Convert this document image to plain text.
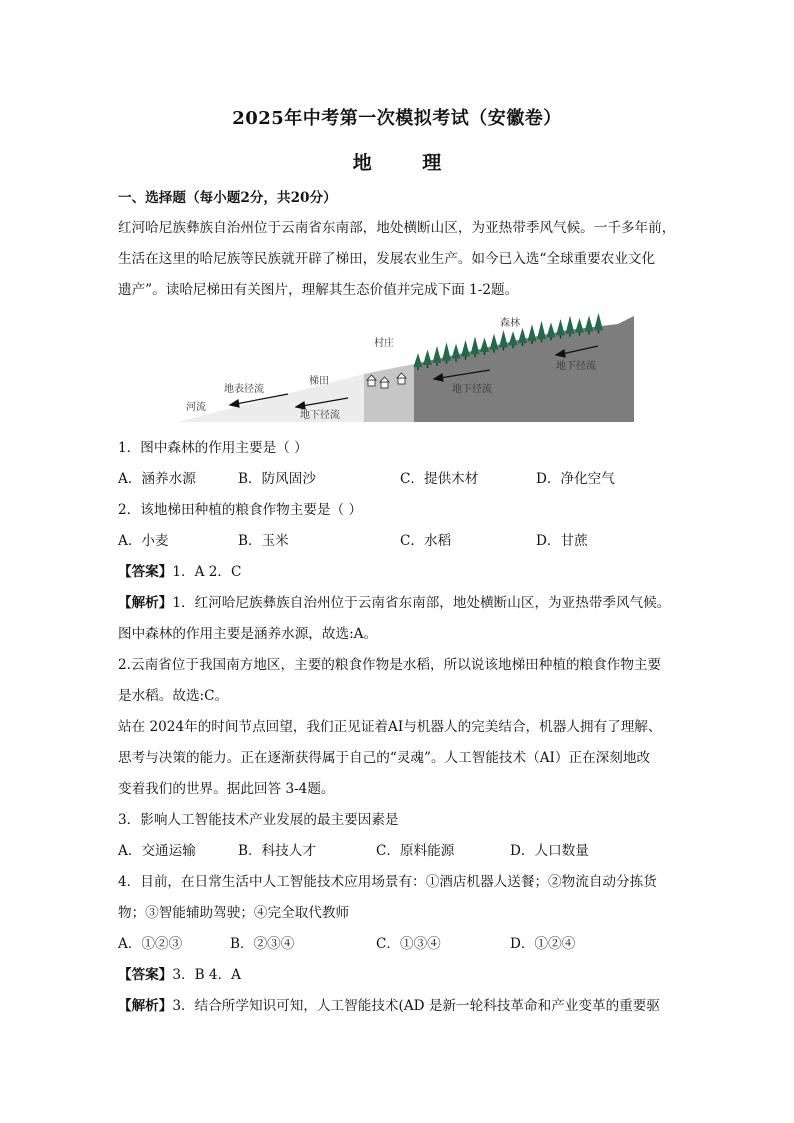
2025年中考第一次模拟考试（安徽卷）
地 理
一、选择题（每小题2分，共20分）
红河哈尼族彝族自治州位于云南省东南部，地处横断山区，为亚热带季风气候。一千多年前，
生活在这里的哈尼族等民族就开辟了梯田，发展农业生产。如今已入选“全球重要农业文化
遗产”。读哈尼梯田有关图片，理解其生态价值并完成下面 1-2题。
森林
村庄
梯田
地表径流
河流
地下径流
地下径流
地下径流
1．图中森林的作用主要是（ ）
A．涵养水源	B．防风固沙	C．提供木材	D．净化空气
2．该地梯田种植的粮食作物主要是（ ）
A．小麦	B．玉米	C．水稻	D．甘蔗
【答案】1．A 2．C
【解析】1．红河哈尼族彝族自治州位于云南省东南部，地处横断山区，为亚热带季风气候。
图中森林的作用主要是涵养水源，故选:A。
2.云南省位于我国南方地区，主要的粮食作物是水稻，所以说该地梯田种植的粮食作物主要
是水稻。故选:C。
站在 2024年的时间节点回望，我们正见证着AI与机器人的完美结合，机器人拥有了理解、
思考与决策的能力。正在逐渐获得属于自己的“灵魂”。人工智能技术（AI）正在深刻地改
变着我们的世界。据此回答 3-4题。
3．影响人工智能技术产业发展的最主要因素是
A．交通运输	B．科技人才	C．原料能源	D．人口数量
4．目前，在日常生活中人工智能技术应用场景有：①酒店机器人送餐；②物流自动分拣货
物；③智能辅助驾驶；④完全取代教师
A．①②③	B．②③④	C．①③④	D．①②④
【答案】3．B 4．A
【解析】3．结合所学知识可知，人工智能技术(AD 是新一轮科技革命和产业变革的重要驱
